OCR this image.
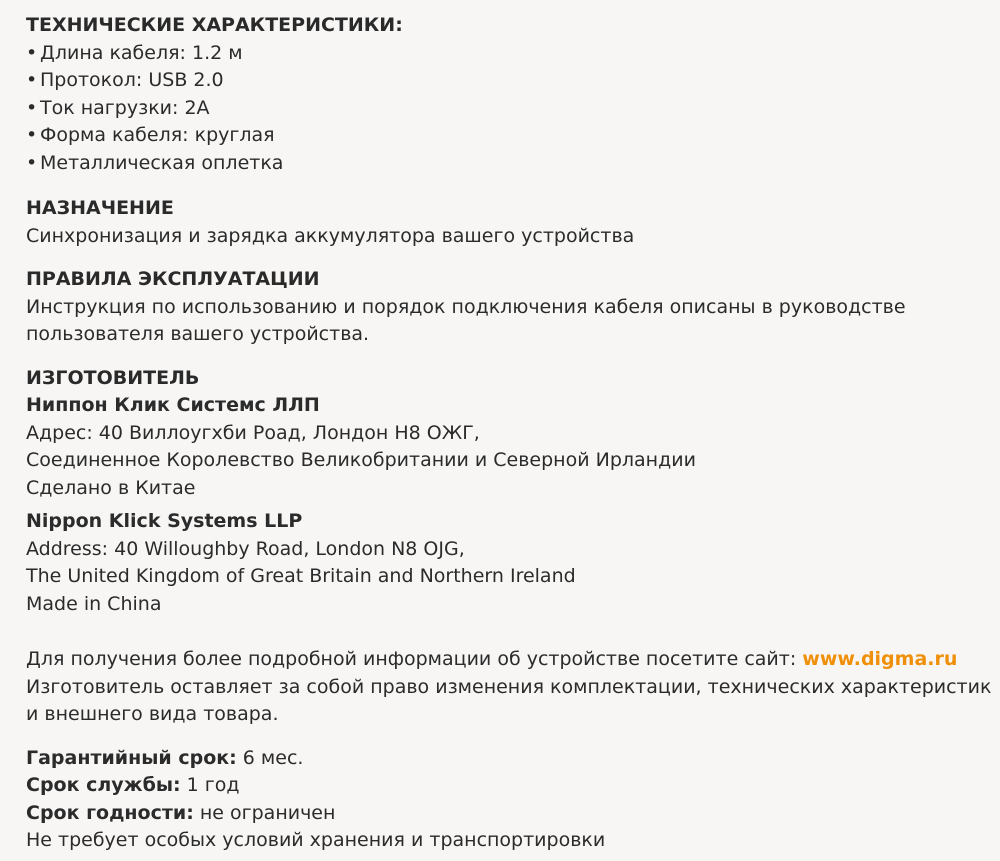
ТЕХНИЧЕСКИЕ ХАРАКТЕРИСТИКИ:

• Длина кабеля: 1.2 м
• Протокол: USB 2.0
• Ток нагрузки: 2А
• Форма кабеля: круглая
• Металлическая оплетка

НАЗНАЧЕНИЕ

Синхронизация и зарядка аккумулятора вашего устройства

ПРАВИЛА ЭКСПЛУАТАЦИИ

Инструкция по использованию и порядок подключения кабеля описаны в руководстве

пользователя вашего устройства.

ИЗГОТОВИТЕЛЬ

Ниппон Клик Системс ЛЛП

Адрес: 40 Виллоугхби Роад, Лондон Н8 ОЖГ,

Соединенное Королевство Великобритании и Северной Ирландии

Сделано в Китае

Nippon Klick Systems LLP

Address: 40 Willoughby Road, London N8 OJG,

The United Kingdom of Great Britain and Northern Ireland

Made in China

Для получения более подробной информации об устройстве посетите сайт: www.digma.ru

Изготовитель оставляет за собой право изменения комплектации, технических характеристик

и внешнего вида товара.

Гарантийный срок: 6 мес.

Срок службы: 1 год

Срок годности: не ограничен

Не требует особых условий хранения и транспортировки
